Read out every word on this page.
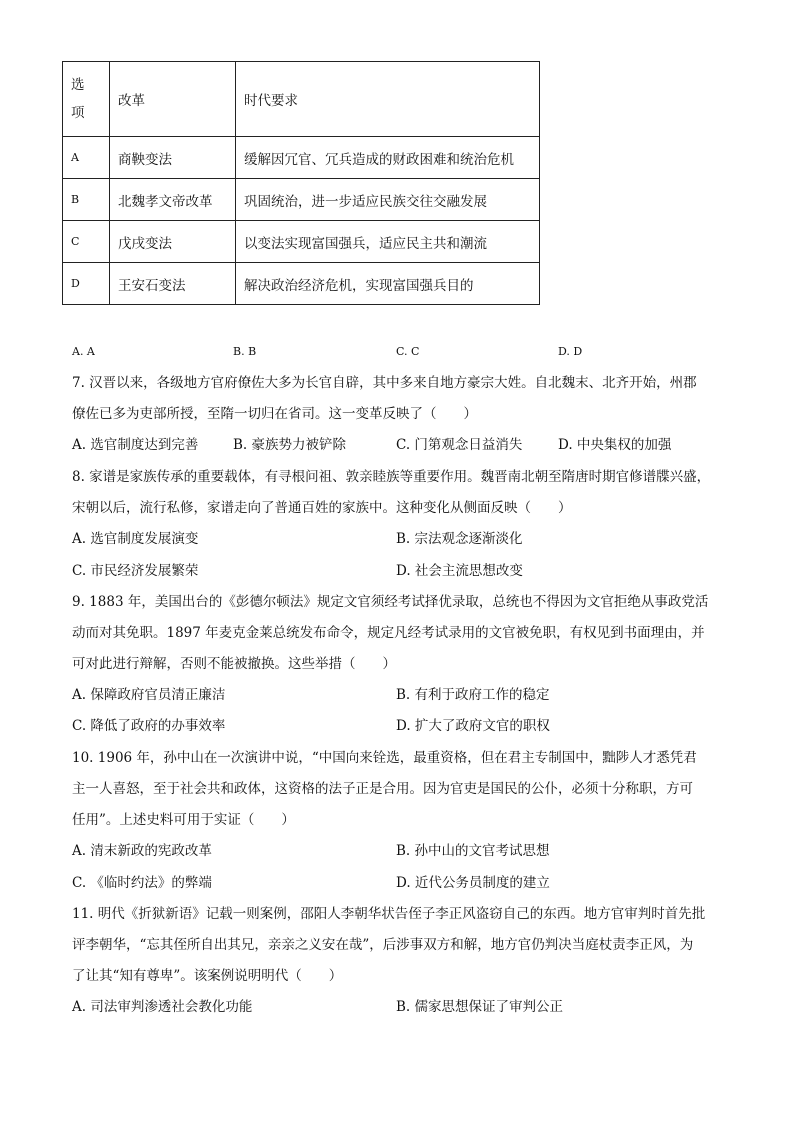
选
项	改革	时代要求
A	商鞅变法	缓解因冗官、冗兵造成的财政困难和统治危机
B	北魏孝文帝改革	巩固统治，进一步适应民族交往交融发展
C	戊戌变法	以变法实现富国强兵，适应民主共和潮流
D	王安石变法	解决政治经济危机，实现富国强兵目的
A. A	B. B	C. C	D. D
7. 汉晋以来，各级地方官府僚佐大多为长官自辟，其中多来自地方豪宗大姓。自北魏末、北齐开始，州郡
僚佐已多为吏部所授，至隋一切归在省司。这一变革反映了（　　）
A. 选官制度达到完善	B. 豪族势力被铲除	C. 门第观念日益消失	D. 中央集权的加强
8. 家谱是家族传承的重要载体，有寻根问祖、敦亲睦族等重要作用。魏晋南北朝至隋唐时期官修谱牒兴盛，
宋朝以后，流行私修，家谱走向了普通百姓的家族中。这种变化从侧面反映（　　）
A. 选官制度发展演变	B. 宗法观念逐渐淡化
C. 市民经济发展繁荣	D. 社会主流思想改变
9. 1883 年，美国出台的《彭德尔顿法》规定文官须经考试择优录取，总统也不得因为文官拒绝从事政党活
动而对其免职。1897 年麦克金莱总统发布命令，规定凡经考试录用的文官被免职，有权见到书面理由，并
可对此进行辩解，否则不能被撤换。这些举措（　　）
A. 保障政府官员清正廉洁	B. 有利于政府工作的稳定
C. 降低了政府的办事效率	D. 扩大了政府文官的职权
10. 1906 年，孙中山在一次演讲中说，“中国向来铨选，最重资格，但在君主专制国中，黜陟人才悉凭君
主一人喜怒，至于社会共和政体，这资格的法子正是合用。因为官吏是国民的公仆，必须十分称职，方可
任用”。上述史料可用于实证（　　）
A. 清末新政的宪政改革	B. 孙中山的文官考试思想
C. 《临时约法》的弊端	D. 近代公务员制度的建立
11. 明代《折狱新语》记载一则案例，邵阳人李朝华状告侄子李正风盗窃自己的东西。地方官审判时首先批
评李朝华，“忘其侄所自出其兄，亲亲之义安在哉”，后涉事双方和解，地方官仍判决当庭杖责李正风，为
了让其“知有尊卑”。该案例说明明代（　　）
A. 司法审判渗透社会教化功能	B. 儒家思想保证了审判公正
